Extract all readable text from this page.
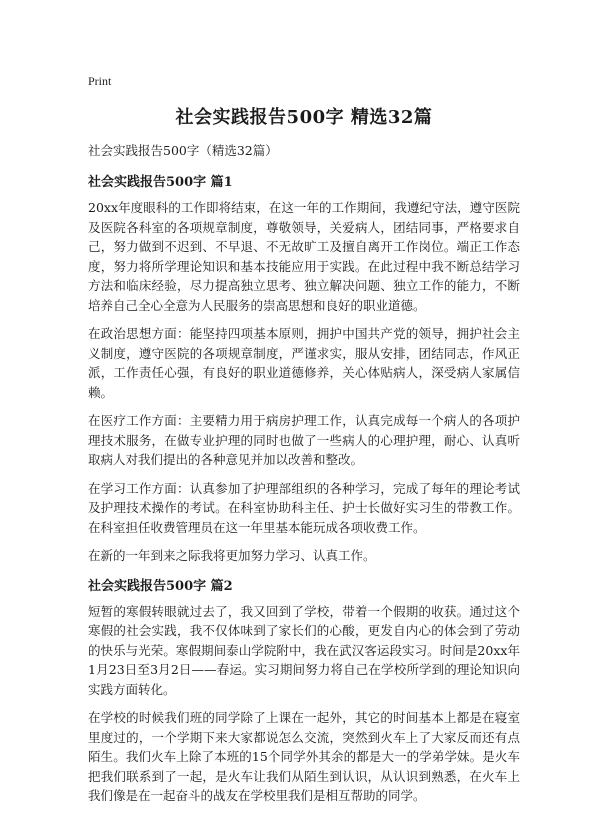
Print
社会实践报告500字 精选32篇
社会实践报告500字（精选32篇）
社会实践报告500字 篇1

20xx年度眼科的工作即将结束，在这一年的工作期间，我遵纪守法，遵守医院及医院各科室的各项规章制度，尊敬领导，关爱病人，团结同事，严格要求自己，努力做到不迟到、不早退、不无故旷工及擅自离开工作岗位。端正工作态度，努力将所学理论知识和基本技能应用于实践。在此过程中我不断总结学习方法和临床经验，尽力提高独立思考、独立解决问题、独立工作的能力，不断培养自己全心全意为人民服务的崇高思想和良好的职业道德。

在政治思想方面：能坚持四项基本原则，拥护中国共产党的领导，拥护社会主义制度，遵守医院的各项规章制度，严谨求实，服从安排，团结同志，作风正派，工作责任心强，有良好的职业道德修养，关心体贴病人，深受病人家属信赖。

在医疗工作方面：主要精力用于病房护理工作，认真完成每一个病人的各项护理技术服务，在做专业护理的同时也做了一些病人的心理护理，耐心、认真听取病人对我们提出的各种意见并加以改善和整改。

在学习工作方面：认真参加了护理部组织的各种学习，完成了每年的理论考试及护理技术操作的考试。在科室协助科主任、护士长做好实习生的带教工作。在科室担任收费管理员在这一年里基本能玩成各项收费工作。

在新的一年到来之际我将更加努力学习、认真工作。

社会实践报告500字 篇2

短暂的寒假转眼就过去了，我又回到了学校，带着一个假期的收获。通过这个寒假的社会实践，我不仅体味到了家长们的心酸，更发自内心的体会到了劳动的快乐与光荣。寒假期间泰山学院附中，我在武汉客运段实习。时间是20xx年1月23日至3月2日——春运。实习期间努力将自己在学校所学到的理论知识向实践方面转化。

在学校的时候我们班的同学除了上课在一起外，其它的时间基本上都是在寝室里度过的，一个学期下来大家都说怎么交流，突然到火车上了大家反而还有点陌生。我们火车上除了本班的15个同学外其余的都是大一的学弟学妹。是火车把我们联系到了一起，是火车让我们从陌生到认识，从认识到熟悉，在火车上我们像是在一起奋斗的战友在学校里我们是相互帮助的同学。
